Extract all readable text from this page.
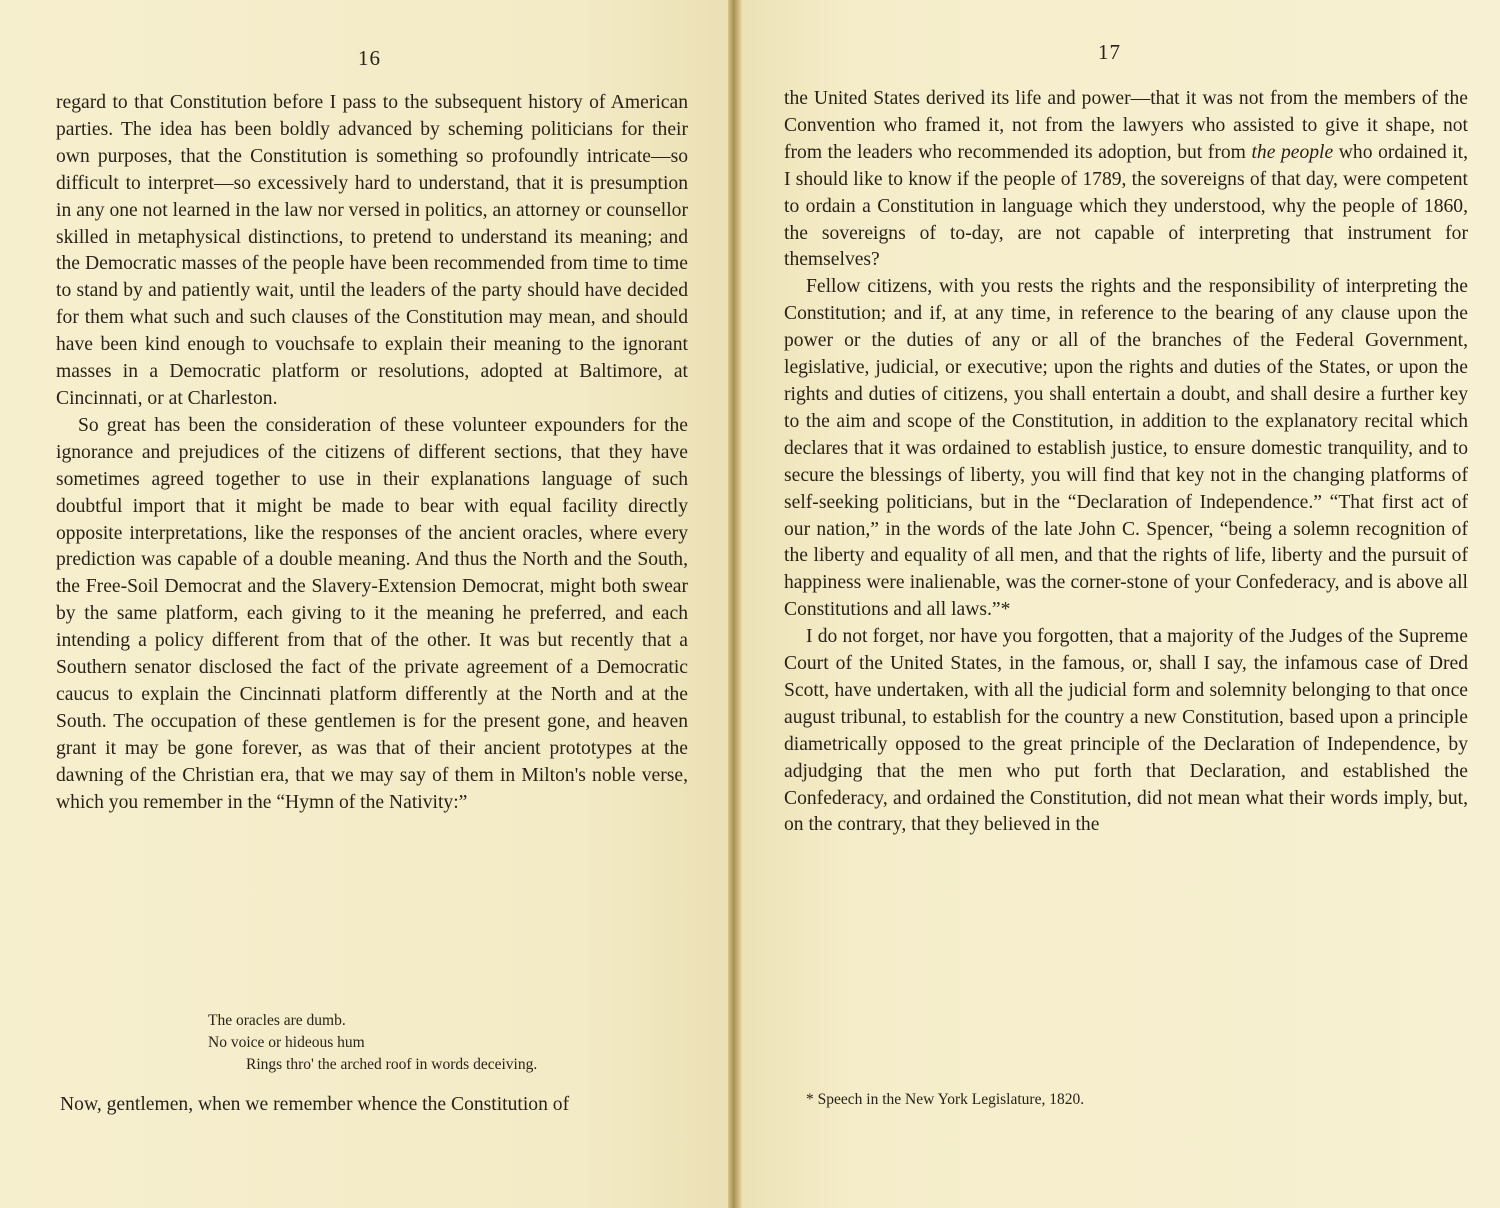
16

regard to that Constitution before I pass to the subsequent history of American parties. The idea has been boldly advanced by scheming politicians for their own purposes, that the Constitution is something so profoundly intricate—so difficult to interpret—so excessively hard to understand, that it is presumption in any one not learned in the law nor versed in politics, an attorney or counsellor skilled in metaphysical distinctions, to pretend to understand its meaning; and the Democratic masses of the people have been recommended from time to time to stand by and patiently wait, until the leaders of the party should have decided for them what such and such clauses of the Constitution may mean, and should have been kind enough to vouchsafe to explain their meaning to the ignorant masses in a Democratic platform or resolutions, adopted at Baltimore, at Cincinnati, or at Charleston.

So great has been the consideration of these volunteer expounders for the ignorance and prejudices of the citizens of different sections, that they have sometimes agreed together to use in their explanations language of such doubtful import that it might be made to bear with equal facility directly opposite interpretations, like the responses of the ancient oracles, where every prediction was capable of a double meaning. And thus the North and the South, the Free-Soil Democrat and the Slavery-Extension Democrat, might both swear by the same platform, each giving to it the meaning he preferred, and each intending a policy different from that of the other. It was but recently that a Southern senator disclosed the fact of the private agreement of a Democratic caucus to explain the Cincinnati platform differently at the North and at the South. The occupation of these gentlemen is for the present gone, and heaven grant it may be gone forever, as was that of their ancient prototypes at the dawning of the Christian era, that we may say of them in Milton's noble verse, which you remember in the “Hymn of the Nativity:”

The oracles are dumb.
No voice or hideous hum
Rings thro' the arched roof in words deceiving.
Now, gentlemen, when we remember whence the Constitution of
17

the United States derived its life and power—that it was not from the members of the Convention who framed it, not from the lawyers who assisted to give it shape, not from the leaders who recommended its adoption, but from the people who ordained it, I should like to know if the people of 1789, the sovereigns of that day, were competent to ordain a Constitution in language which they understood, why the people of 1860, the sovereigns of to-day, are not capable of interpreting that instrument for themselves?

Fellow citizens, with you rests the rights and the responsibility of interpreting the Constitution; and if, at any time, in reference to the bearing of any clause upon the power or the duties of any or all of the branches of the Federal Government, legislative, judicial, or executive; upon the rights and duties of the States, or upon the rights and duties of citizens, you shall entertain a doubt, and shall desire a further key to the aim and scope of the Constitution, in addition to the explanatory recital which declares that it was ordained to establish justice, to ensure domestic tranquility, and to secure the blessings of liberty, you will find that key not in the changing platforms of self-seeking politicians, but in the “Declaration of Independence.” “That first act of our nation,” in the words of the late John C. Spencer, “being a solemn recognition of the liberty and equality of all men, and that the rights of life, liberty and the pursuit of happiness were inalienable, was the corner-stone of your Confederacy, and is above all Constitutions and all laws.”*

I do not forget, nor have you forgotten, that a majority of the Judges of the Supreme Court of the United States, in the famous, or, shall I say, the infamous case of Dred Scott, have undertaken, with all the judicial form and solemnity belonging to that once august tribunal, to establish for the country a new Constitution, based upon a principle diametrically opposed to the great principle of the Declaration of Independence, by adjudging that the men who put forth that Declaration, and established the Confederacy, and ordained the Constitution, did not mean what their words imply, but, on the contrary, that they believed in the

* Speech in the New York Legislature, 1820.
